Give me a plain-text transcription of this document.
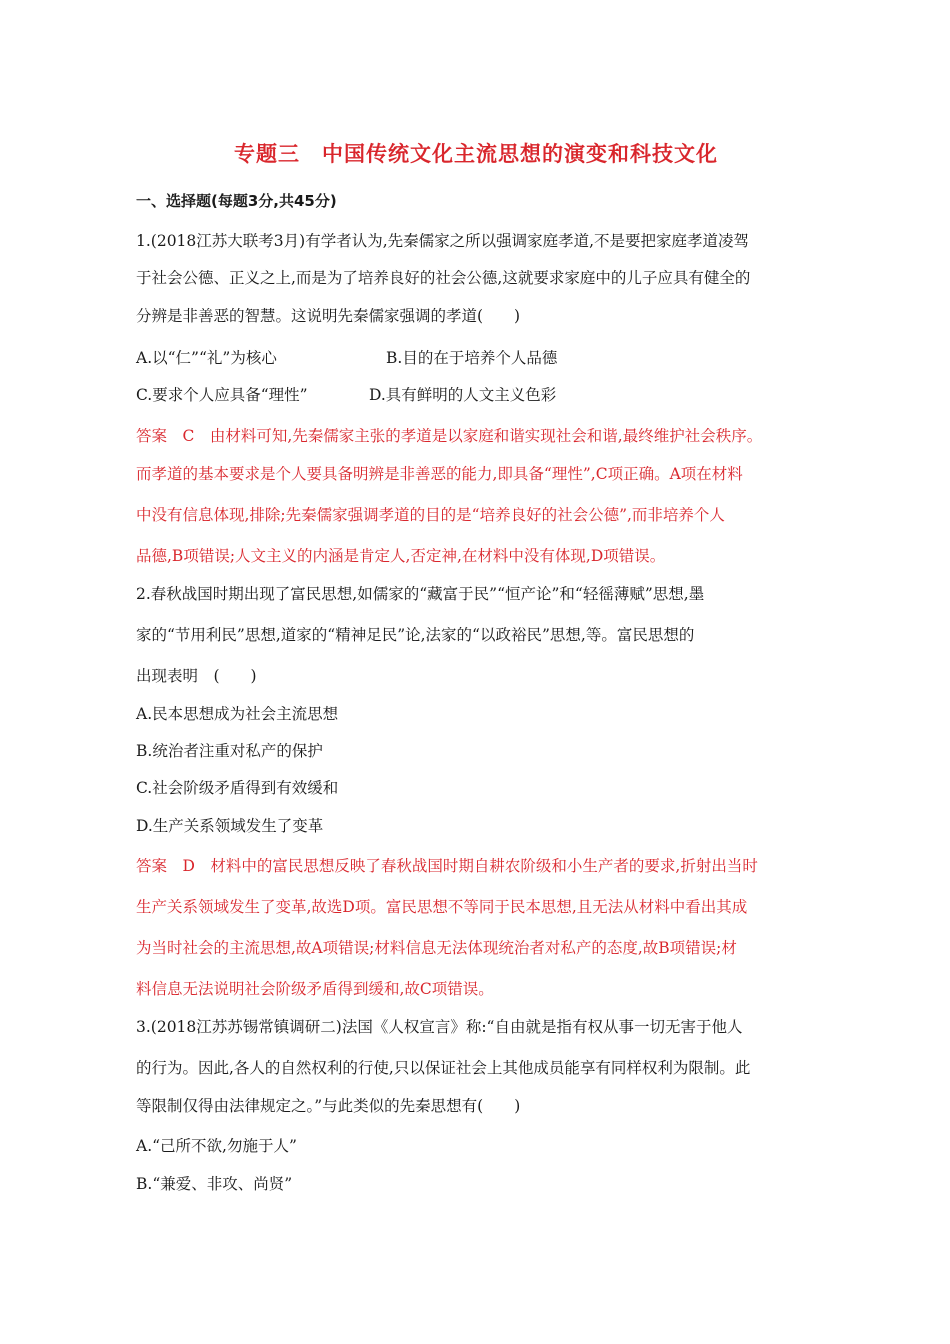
专题三　中国传统文化主流思想的演变和科技文化
一、选择题(每题3分,共45分)
1.(2018江苏大联考3月)有学者认为,先秦儒家之所以强调家庭孝道,不是要把家庭孝道凌驾
于社会公德、正义之上,而是为了培养良好的社会公德,这就要求家庭中的儿子应具有健全的
分辨是非善恶的智慧。这说明先秦儒家强调的孝道(　　)
A.以“仁”“礼”为核心	B.目的在于培养个人品德
C.要求个人应具备“理性”	D.具有鲜明的人文主义色彩
答案　C　由材料可知,先秦儒家主张的孝道是以家庭和谐实现社会和谐,最终维护社会秩序。
而孝道的基本要求是个人要具备明辨是非善恶的能力,即具备“理性”,C项正确。A项在材料
中没有信息体现,排除;先秦儒家强调孝道的目的是“培养良好的社会公德”,而非培养个人
品德,B项错误;人文主义的内涵是肯定人,否定神,在材料中没有体现,D项错误。
2.春秋战国时期出现了富民思想,如儒家的“藏富于民”“恒产论”和“轻徭薄赋”思想,墨
家的“节用利民”思想,道家的“精神足民”论,法家的“以政裕民”思想,等。富民思想的
出现表明　(　　)
A.民本思想成为社会主流思想
B.统治者注重对私产的保护
C.社会阶级矛盾得到有效缓和
D.生产关系领域发生了变革
答案　D　材料中的富民思想反映了春秋战国时期自耕农阶级和小生产者的要求,折射出当时
生产关系领域发生了变革,故选D项。富民思想不等同于民本思想,且无法从材料中看出其成
为当时社会的主流思想,故A项错误;材料信息无法体现统治者对私产的态度,故B项错误;材
料信息无法说明社会阶级矛盾得到缓和,故C项错误。
3.(2018江苏苏锡常镇调研二)法国《人权宣言》称:“自由就是指有权从事一切无害于他人
的行为。因此,各人的自然权利的行使,只以保证社会上其他成员能享有同样权利为限制。此
等限制仅得由法律规定之。”与此类似的先秦思想有(　　)
A.“己所不欲,勿施于人”
B.“兼爱、非攻、尚贤”
